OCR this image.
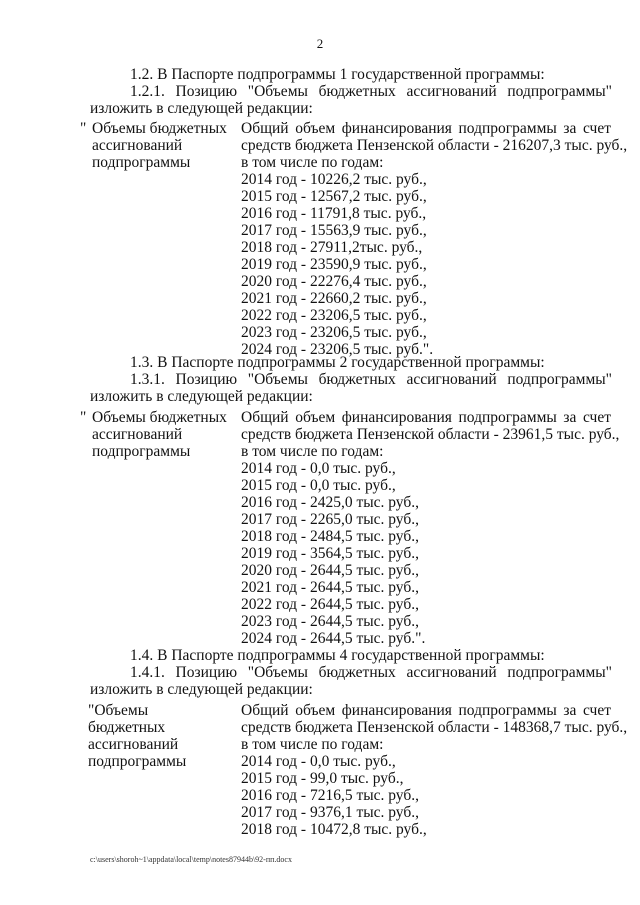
2
1.2. В Паспорте подпрограммы 1 государственной программы:
1.2.1. Позицию "Объемы бюджетных ассигнований подпрограммы"
изложить в следующей редакции:
" Объемы бюджетных
ассигнований
подпрограммы
Общий объем финансирования подпрограммы за счет
средств бюджета Пензенской области - 216207,3 тыс. руб.,
в том числе по годам:
2014 год - 10226,2 тыс. руб.,
2015 год - 12567,2 тыс. руб.,
2016 год - 11791,8 тыс. руб.,
2017 год - 15563,9 тыс. руб.,
2018 год - 27911,2тыс. руб.,
2019 год - 23590,9 тыс. руб.,
2020 год - 22276,4 тыс. руб.,
2021 год - 22660,2 тыс. руб.,
2022 год - 23206,5 тыс. руб.,
2023 год - 23206,5 тыс. руб.,
2024 год - 23206,5 тыс. руб.".
1.3. В Паспорте подпрограммы 2 государственной программы:
1.3.1. Позицию "Объемы бюджетных ассигнований подпрограммы"
изложить в следующей редакции:
" Объемы бюджетных
ассигнований
подпрограммы
Общий объем финансирования подпрограммы за счет
средств бюджета Пензенской области - 23961,5 тыс. руб.,
в том числе по годам:
2014 год - 0,0 тыс. руб.,
2015 год - 0,0 тыс. руб.,
2016 год - 2425,0 тыс. руб.,
2017 год - 2265,0 тыс. руб.,
2018 год - 2484,5 тыс. руб.,
2019 год - 3564,5 тыс. руб.,
2020 год - 2644,5 тыс. руб.,
2021 год - 2644,5 тыс. руб.,
2022 год - 2644,5 тыс. руб.,
2023 год - 2644,5 тыс. руб.,
2024 год - 2644,5 тыс. руб.".
1.4. В Паспорте подпрограммы 4 государственной программы:
1.4.1. Позицию "Объемы бюджетных ассигнований подпрограммы"
изложить в следующей редакции:
"Объемы
бюджетных
ассигнований
подпрограммы
Общий объем финансирования подпрограммы за счет
средств бюджета Пензенской области - 148368,7 тыс. руб.,
в том числе по годам:
2014 год - 0,0 тыс. руб.,
2015 год - 99,0 тыс. руб.,
2016 год - 7216,5 тыс. руб.,
2017 год - 9376,1 тыс. руб.,
2018 год - 10472,8 тыс. руб.,
c:\users\shoroh~1\appdata\local\temp\notes87944b\92-пп.docx
